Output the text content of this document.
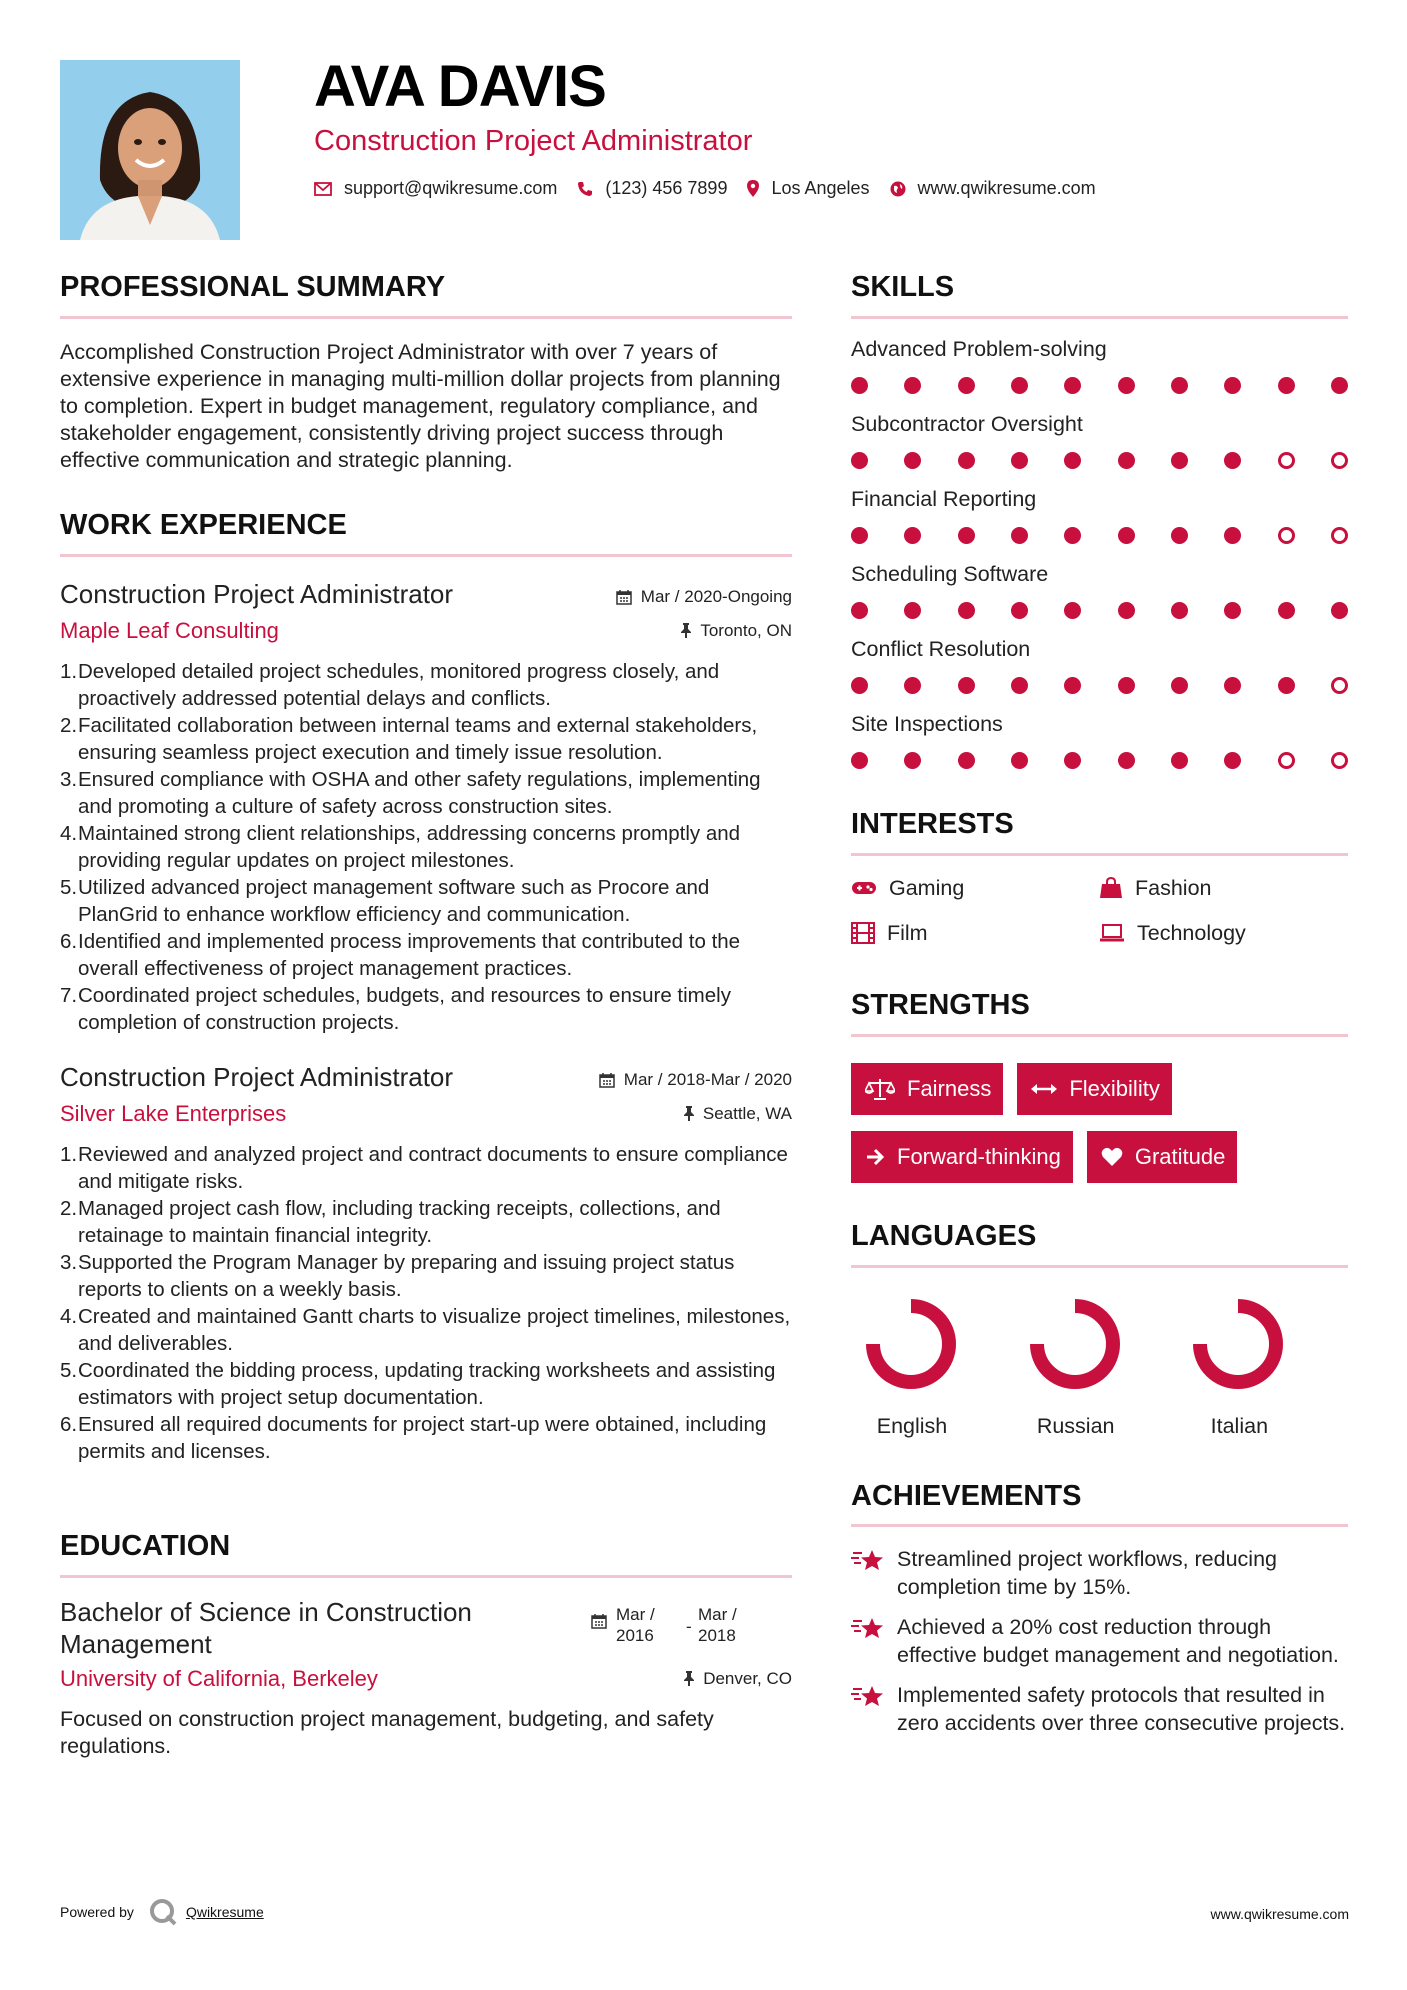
AVA DAVIS
Construction Project Administrator
support@qwikresume.com	(123) 456 7899 Los Angeles	www.qwikresume.com
PROFESSIONAL SUMMARY
Accomplished Construction Project Administrator with over 7 years of extensive experience in managing multi-million dollar projects from planning to completion. Expert in budget management, regulatory compliance, and stakeholder engagement, consistently driving project success through effective communication and strategic planning.
WORK EXPERIENCE
Construction Project Administrator	Mar / 2020-Ongoing
Maple Leaf Consulting	Toronto, ON
1. Developed detailed project schedules, monitored progress closely, and proactively addressed potential delays and conflicts.
2. Facilitated collaboration between internal teams and external stakeholders, ensuring seamless project execution and timely issue resolution.
3. Ensured compliance with OSHA and other safety regulations, implementing and promoting a culture of safety across construction sites.
4. Maintained strong client relationships, addressing concerns promptly and providing regular updates on project milestones.
5. Utilized advanced project management software such as Procore and PlanGrid to enhance workflow efficiency and communication.
6. Identified and implemented process improvements that contributed to the overall effectiveness of project management practices.
7. Coordinated project schedules, budgets, and resources to ensure timely completion of construction projects.
Construction Project Administrator	Mar / 2018-Mar / 2020
Silver Lake Enterprises	Seattle, WA
1. Reviewed and analyzed project and contract documents to ensure compliance and mitigate risks.
2. Managed project cash flow, including tracking receipts, collections, and retainage to maintain financial integrity.
3. Supported the Program Manager by preparing and issuing project status reports to clients on a weekly basis.
4. Created and maintained Gantt charts to visualize project timelines, milestones, and deliverables.
5. Coordinated the bidding process, updating tracking worksheets and assisting estimators with project setup documentation.
6. Ensured all required documents for project start-up were obtained, including permits and licenses.
EDUCATION
Bachelor of Science in Construction Management
Mar / 2016	-
Mar / 2018
University of California, Berkeley	Denver, CO
Focused on construction project management, budgeting, and safety regulations.
SKILLS
Advanced Problem-solving
Subcontractor Oversight
Financial Reporting
Scheduling Software
Conflict Resolution
Site Inspections
INTERESTS
Gaming	Fashion
Film	Technology
STRENGTHS
Fairness	Flexibility
Forward-thinking	Gratitude
LANGUAGES
English	Russian	Italian
ACHIEVEMENTS
Streamlined project workflows, reducing completion time by 15%.
Achieved a 20% cost reduction through effective budget management and negotiation.
Implemented safety protocols that resulted in zero accidents over three consecutive projects.
Powered by	Qwikresume	www.qwikresume.com
